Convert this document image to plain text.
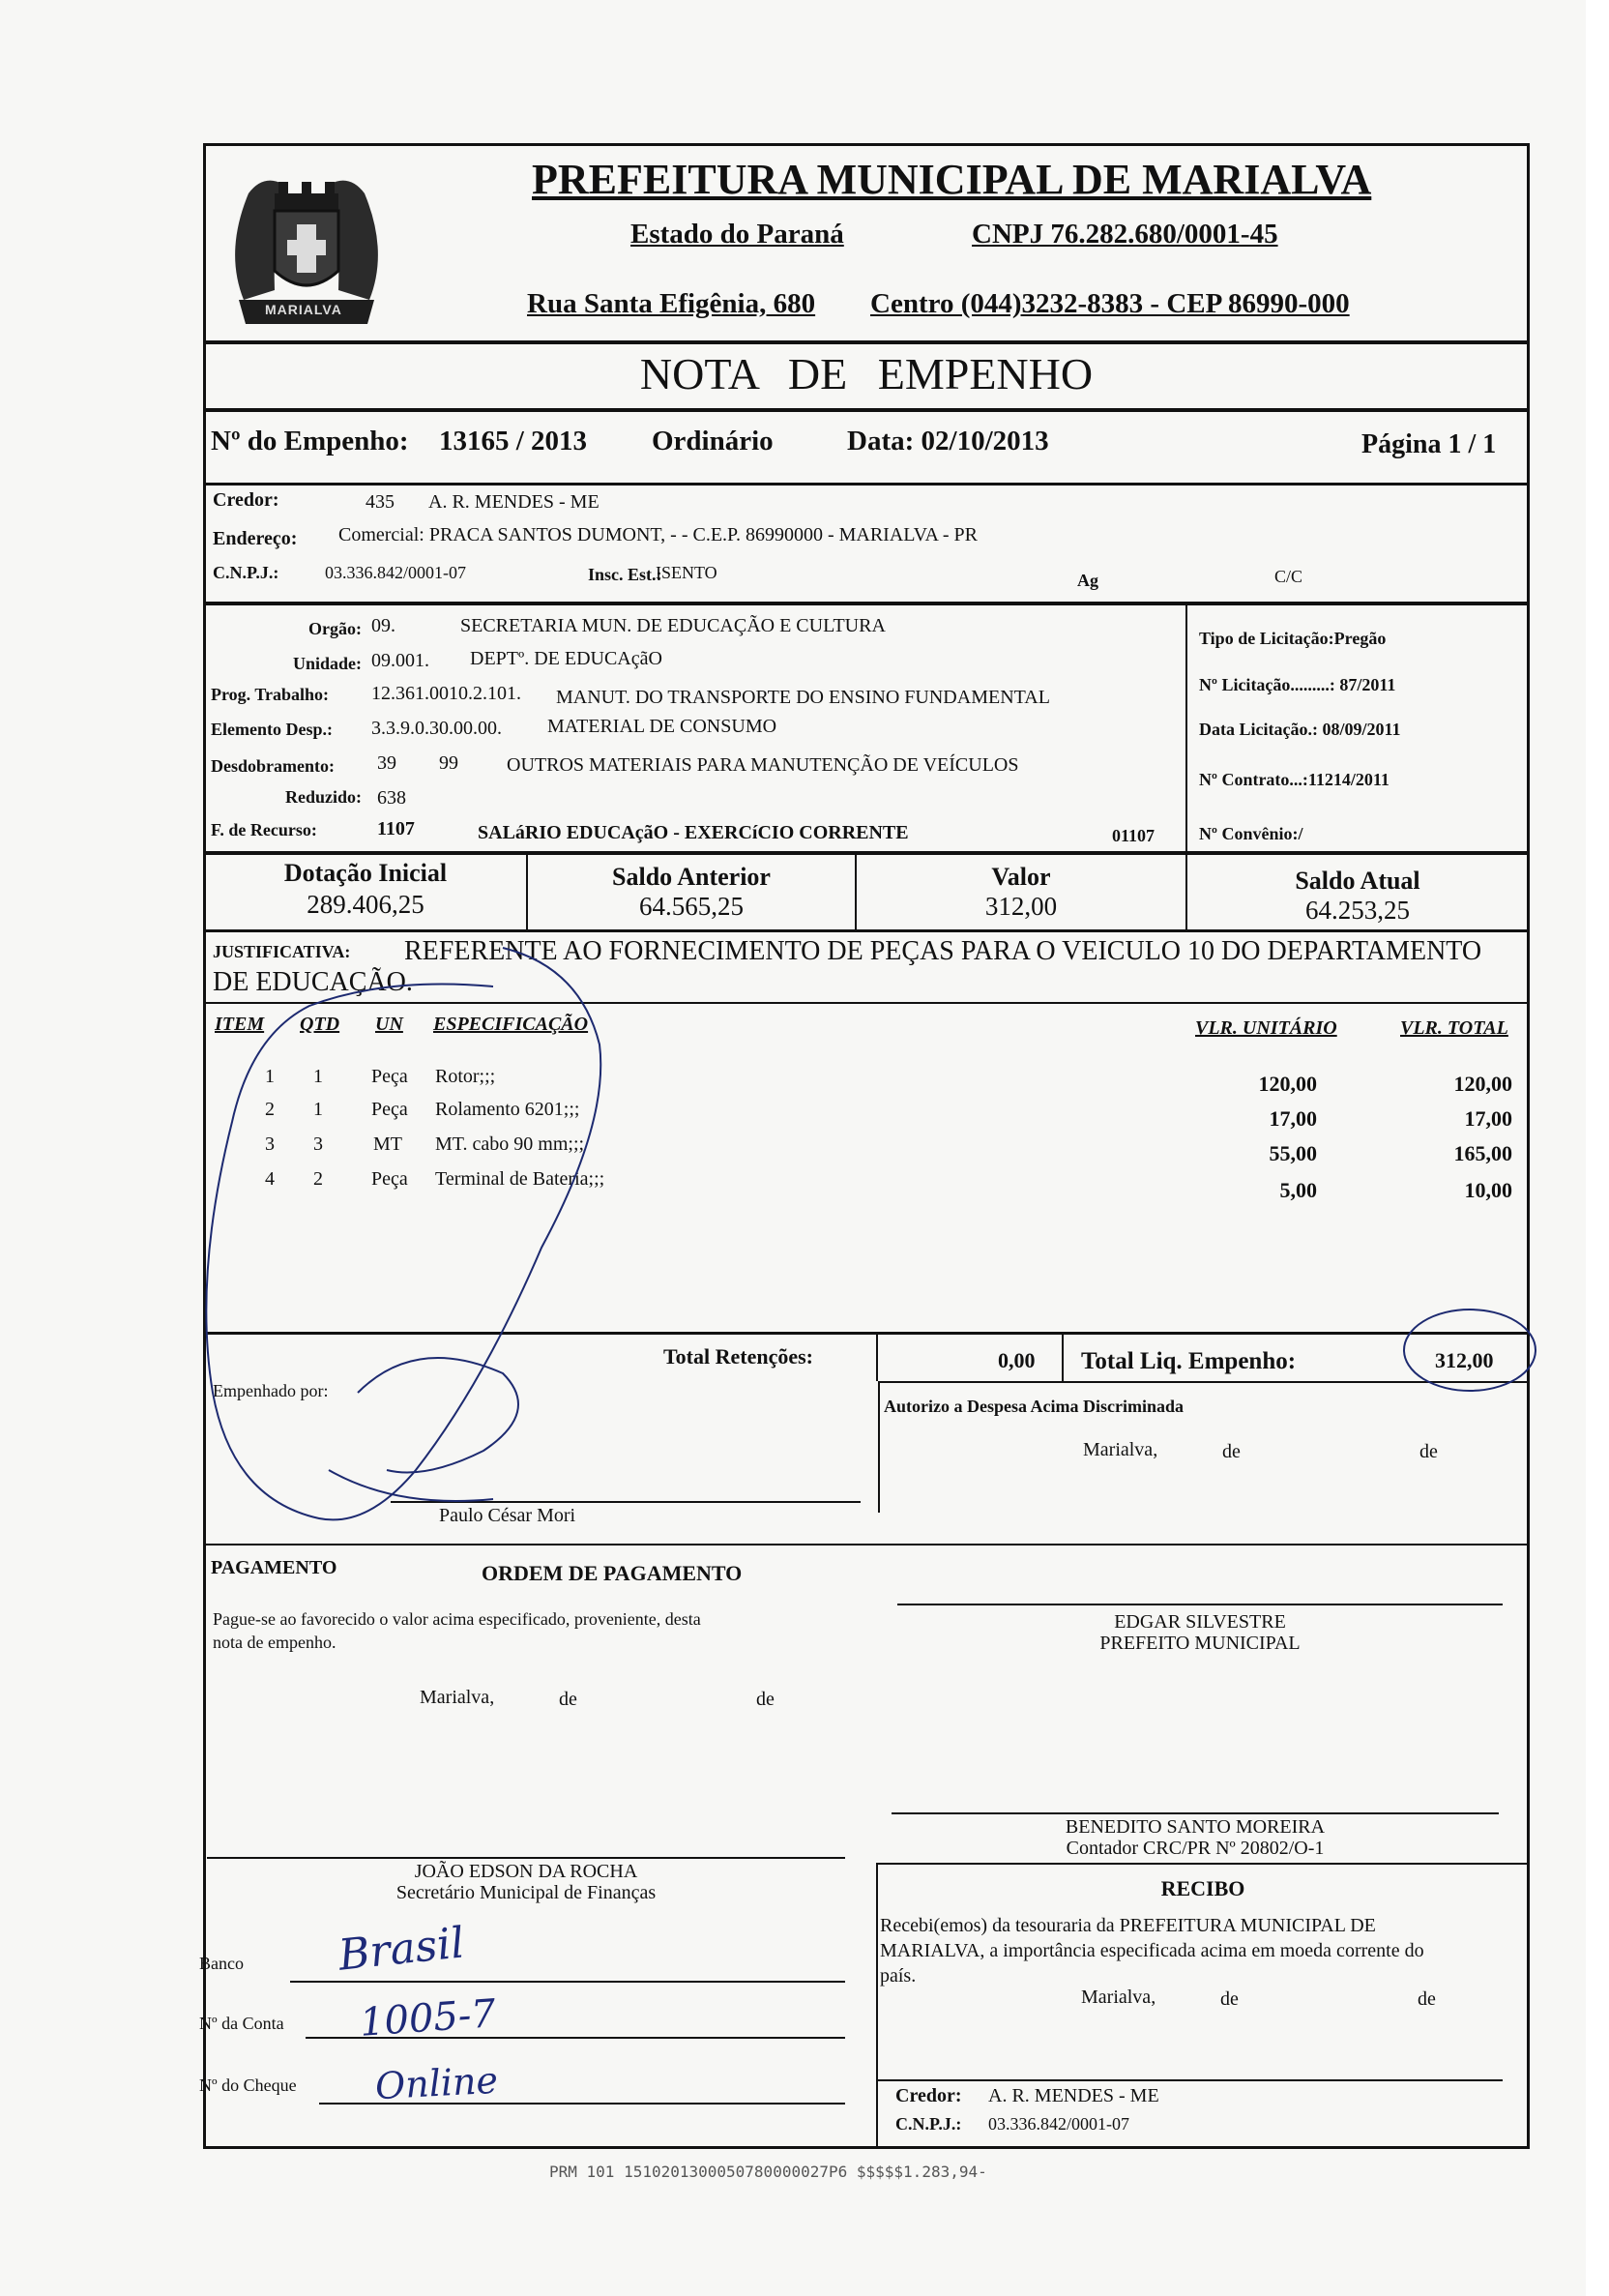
MARIALVA
PREFEITURA MUNICIPAL DE MARIALVA
Estado do Paraná	CNPJ 76.282.680/0001-45
Rua Santa Efigênia, 680 Centro (044)3232-8383 - CEP 86990-000
NOTA DE EMPENHO
Nº do Empenho: 13165 / 2013 Ordinário	Data: 02/10/2013	Página 1 / 1
Credor:	435 A. R. MENDES - ME
Endereço: Comercial: PRACA SANTOS DUMONT, - - C.E.P. 86990000 - MARIALVA - PR
C.N.P.J.:	03.336.842/0001-07	Insc. Est.:
ISENTO	Ag	C/C
Orgão: 09.	SECRETARIA MUN. DE EDUCAÇÃO E CULTURA
Unidade: 09.001. DEPTº. DE EDUCAçãO
Prog. Trabalho: 12.361.0010.2.101. MANUT. DO TRANSPORTE DO ENSINO FUNDAMENTAL
Elemento Desp.: 3.3.9.0.30.00.00. MATERIAL DE CONSUMO
Desdobramento: 39 99	OUTROS MATERIAIS PARA MANUTENÇÃO DE VEÍCULOS
Reduzido: 638
F. de Recurso:	1107	SALáRIO EDUCAçãO - EXERCíCIO CORRENTE	01107
Tipo de Licitação:Pregão
Nº Licitação.........: 87/2011
Data Licitação.: 08/09/2011
Nº Contrato...:11214/2011
Nº Convênio:/
Dotação Inicial
289.406,25
Saldo Anterior
64.565,25
Valor
312,00
Saldo Atual
64.253,25
JUSTIFICATIVA: REFERENTE AO FORNECIMENTO DE PEÇAS PARA O VEICULO 10 DO DEPARTAMENTO
DE EDUCAÇÃO.
ITEM QTD UN ESPECIFICAÇÃO	VLR. UNITÁRIO	VLR. TOTAL
1 1	Peça Rotor;;;	120,00	120,00
2 1	Peça Rolamento 6201;;;	17,00	17,00
3 3	MT MT. cabo 90 mm;;;	55,00	165,00
4 2	Peça Terminal de Bateria;;;	5,00	10,00
Total Retenções:	0,00 Total Liq. Empenho:	312,00
Empenhado por:
Paulo César Mori
Autorizo a Despesa Acima Discriminada
Marialva,	de	de
PAGAMENTO	ORDEM DE PAGAMENTO
Pague-se ao favorecido o valor acima especificado, proveniente, desta
nota de empenho.
Marialva,	de	de
EDGAR SILVESTRE
PREFEITO MUNICIPAL
BENEDITO SANTO MOREIRA
Contador CRC/PR Nº 20802/O-1
JOÃO EDSON DA ROCHA
Secretário Municipal de Finanças	RECIBO
Recebi(emos) da tesouraria da PREFEITURA MUNICIPAL DE
MARIALVA, a importância especificada acima em moeda corrente do
país.
Marialva,	de	de
Credor: A. R. MENDES - ME
C.N.P.J.: 03.336.842/0001-07
Banco
Nº da Conta
Nº do Cheque
Brasil
1005-7
Online
PRM 101 1510201300050780000027P6 $$$$$1.283,94-
